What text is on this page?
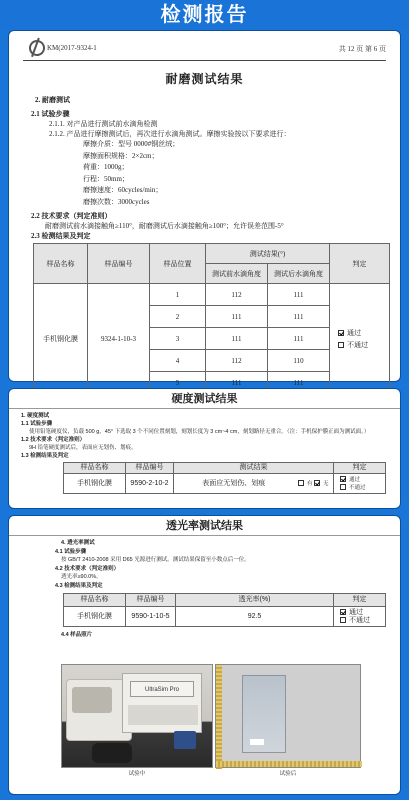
检测报告
KM(2017-9324-1	共 12 页 第 6 页
耐磨测试结果
2. 耐磨测试
2.1 试验步骤
2.1.1. 对产品进行测试前水滴角检测
2.1.2. 产品进行摩擦测试后，再次进行水滴角测试。摩擦实验按以下要求进行：
摩擦介质：型号 0000#钢丝绒；
摩擦面积规格：2×2cm；
荷重：1000g；
行程：50mm；
磨擦速度：60cycles/min；
磨擦次数：3000cycles
2.2 技术要求（判定准则）
耐磨测试前水滴接触角≥110°，耐磨测试后水滴接触角≥100°；允许误差范围-5°
2.3 检测结果及判定
样品名称	样品编号	样品位置	测试结果(°)		判定
			测试前水滴角度	测试后水滴角度	
手机钢化膜	9324-1-10-3	1	112	111	通过
不通过

		2	111	111	
		3	111	111	
		4	112	110	
		5	111	111	
硬度测试结果
1. 硬度测试
1.1 试验步骤
使用铅笔硬度仪，负载 500 g，45° 下选取 3 个不同位置刻划，刻划长度为 3 cm~4 cm，刻划路径无重合。（注：手机保护膜正面为测试面。）
1.2 技术要求（判定准则）
9H 铅笔硬度测试后，表面应无划伤、划痕。
1.3 检测结果及判定
样品名称	样品编号	测试结果		判定
手机钢化膜	9590-2-10-2	表面应无划伤、划痕	有 无	通过
不通过
透光率测试结果
4. 透光率测试
4.1 试验步骤
按 GB/T 2410-2008 采用 D65 光源进行测试。测试结果保留至小数点后一位。
4.2 技术要求（判定准则）
透光率≥90.0%。
4.3 检测结果及判定
样品名称	样品编号	透光率(%)	判定
手机钢化膜	9590-1-10-5	92.5	通过
不通过
4.4 样品照片
UltraSim Pro
试验中	试验后
